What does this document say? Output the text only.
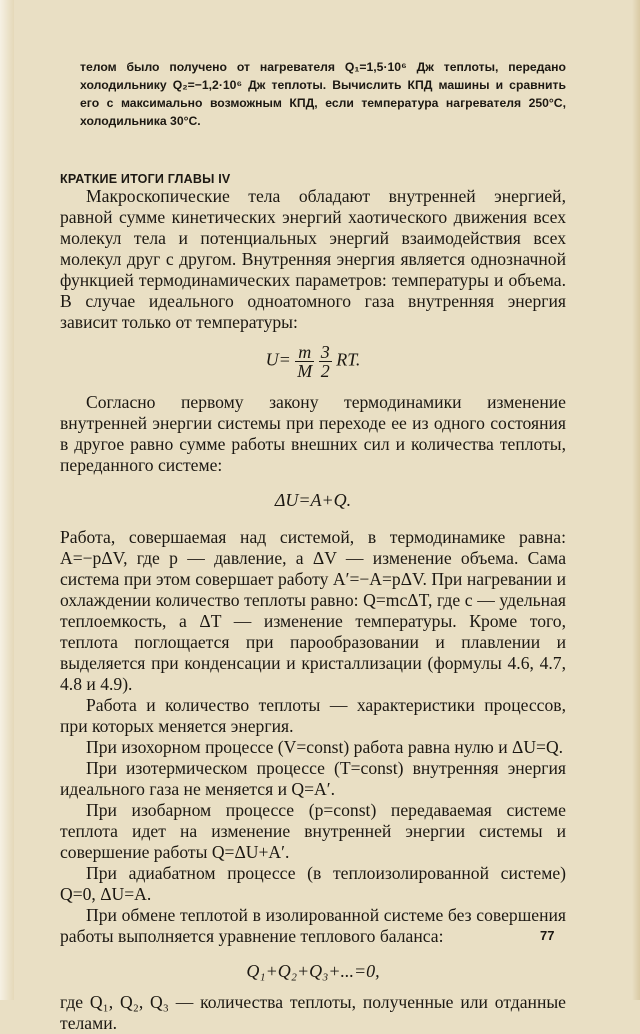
телом было получено от нагревателя Q₁=1,5·10⁶ Дж теплоты, передано холодильнику Q₂=−1,2·10⁶ Дж теплоты. Вычислить КПД машины и сравнить его с максимально возможным КПД, если температура нагревателя 250°С, холодильника 30°С.
КРАТКИЕ ИТОГИ ГЛАВЫ IV

Макроскопические тела обладают внутренней энергией, равной сумме кинетических энергий хаотического движения всех молекул тела и потенциальных энергий взаимодействия всех молекул друг с другом. Внутренняя энергия является однозначной функцией термодинамических параметров: температуры и объема. В случае идеального одноатомного газа внутренняя энергия зависит только от температуры:

$U= \frac{m}{M}$
$\frac{3}{2}$ RT.

Согласно первому закону термодинамики изменение внутренней энергии системы при переходе ее из одного состояния в другое равно сумме работы внешних сил и количества теплоты, переданного системе:

ΔU=A+Q.

Работа, совершаемая над системой, в термодинамике равна: A=−pΔV, где p — давление, а ΔV — изменение объема. Сама система при этом совершает работу A′=−A=pΔV. При нагревании и охлаждении количество теплоты равно: Q=mcΔT, где c — удельная теплоемкость, а ΔT — изменение температуры. Кроме того, теплота поглощается при парообразовании и плавлении и выделяется при конденсации и кристаллизации (формулы 4.6, 4.7, 4.8 и 4.9).

Работа и количество теплоты — характеристики процессов, при которых меняется энергия.

При изохорном процессе (V=const) работа равна нулю и ΔU=Q.

При изотермическом процессе (T=const) внутренняя энергия идеального газа не меняется и Q=A′.

При изобарном процессе (p=const) передаваемая системе теплота идет на изменение внутренней энергии системы и совершение работы Q=ΔU+A′.

При адиабатном процессе (в теплоизолированной системе) Q=0, ΔU=A.

При обмене теплотой в изолированной системе без совершения работы выполняется уравнение теплового баланса:

Q₁+Q₂+Q₃+...=0,

где Q₁, Q₂, Q₃ — количества теплоты, полученные или отданные телами.

77
